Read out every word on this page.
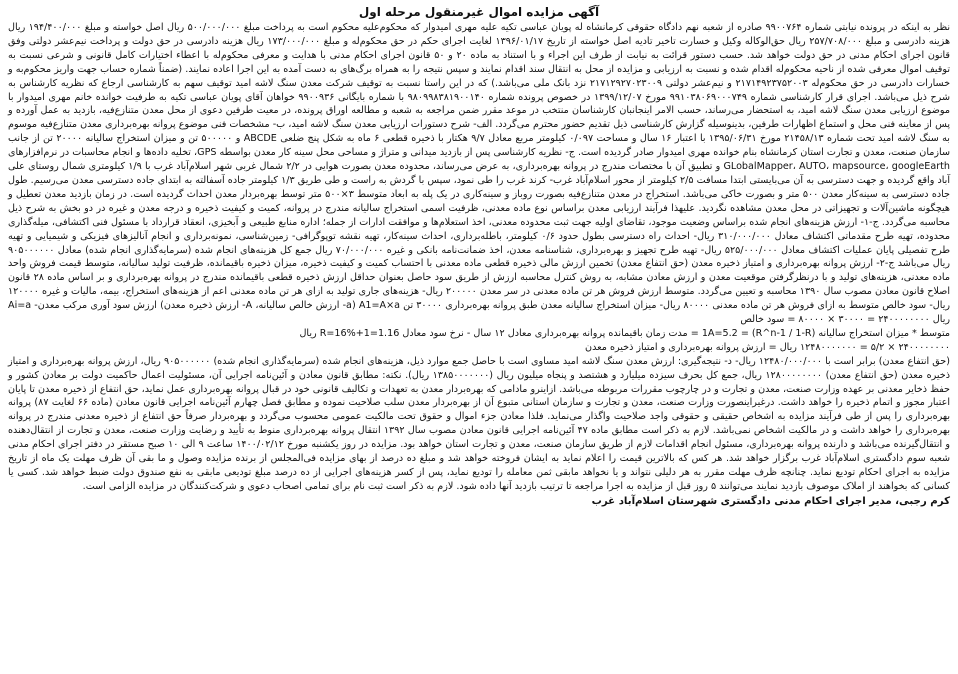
آگهی مزایده اموال غیرمنقول مرحله اول

نظر به اینکه در پرونده نیابتی شماره ۹۹۰۰۷۶۴ صادره از شعبه نهم دادگاه حقوقی کرمانشاه له پویان عباسی تکیه علیه مهری امیدوار که محکوم‌علیه محکوم است به پرداخت مبلغ ۵۰۰/۰۰۰/۰۰۰ ریال اصل خواسته و مبلغ ۱۹۴/۴۰۰/۰۰۰ ریال هزینه دادرسی و مبلغ ۲۵۷/۷۰۸/۰۰۰ ریال حق‌الوکاله وکیل و خسارت تاخیر تادیه اصل خواسته از تاریخ ۱۳۹۶/۰۱/۱۷ لغایت اجرای حکم در حق محکوم‌له و مبلغ ۱۷۳/۰۰۰/۰۰۰ ریال هزینه دادرسی در حق دولت و پرداخت نیم‌عشر دولتی وفق قانون اجرای احکام مدنی در حق دولت خواهد شد. حسب دستور قرائت به نیابت از طرف این اجراء و با استناد به ماده ۲۰ و ۵۰ قانون اجرای احکام مدنی با هدایت و معرفی محکوم‌له با اعطاء اختیارات کامل قانونی و شرعی نسبت به توقیف اموال معرفی شده از ناحیه محکوم‌له اقدام شده و نسبت به ارزیابی و مزایده از محل به انتقال سند اقدام نمایند و سپس نتیجه را به همراه برگ‌های به دست آمده به این اجرا اعاده نمایند. (ضمناً شماره حساب جهت واریز محکوم‌به و خسارات دادرسی در حق محکوم‌له ۲۱۷۱۴۹۲۳۷۵۲۰۰۳ و نیم‌عشر دولتی ۲۱۷۱۲۹۲۷۰۲۳۰۰۹ نزد بانک ملی می‌باشد.) که در این راستا نسبت به توقیف شرکت معدن سنگ لاشه امید توقیف سهم به کارشناسی ارجاع که نظریه کارشناس به شرح ذیل می‌باشد. اجرای قرار کارشناسی شماره ۹۹۱۰۳۸۰۶۹۰۰۰۷۴۹ مورخ ۱۳۹۹/۱۲/۰۷ در خصوص پرونده شماره ۹۸۰۹۹۸۳۸۱۹۰۰۱۴۰ با شماره بایگانی ۹۹۰۰۹۳۶ خواهان آقای پویان عباسی تکیه به طرفیت خوانده خانم مهری امیدوار با موضوع ارزیابی معدن سنگ لاشه امید، به استحضار می‌رساند، حسب الامر اینجانبان کارشناسان منتخب در موعد مقرر ضمن مراجعه به شعبه و مطالعه اوراق پرونده، در معیت طرفین دعوی از محل معدن متنازع‌فیه، بازدید به عمل آورده و پس از معاینه فنی محل و استماع اظهارات طرفین، بدینوسیله گزارش کارشناسی ذیل تقدیم حضور محترم می‌گردد. الف- شرح دستورات ارزیابی معدن سنگ لاشه امید، ب- مشخصات فنی موضوع پروانه بهره‌برداری معدن متنازع‌فیه موسوم به سنگ لاشه امید تحت شماره ۲۱۴۵۸/۱۳ مورخ ۱۳۹۵/۰۶/۳۱ با اعتبار ۱۶ سال و مساحت ۰/۰۹۷ کیلومتر مربع معادل ۹/۷ هکتار با ذخیره قطعی ۶ ماه به شکل پنج ضلعی ABCDE و ۵۰۰۰۰۰ تن و میزان استخراج سالیانه ۲۰۰۰۰ تن از جانب سازمان صنعت، معدن و تجارت استان کرمانشاه بنام خوانده مهری امیدوار صادر گردیده است. ج- نظریه کارشناسی پس از بازدید میدانی و متراژ و مساحی محل سینه کار معدن بواسطه GPS، تخلیه داده‌ها و انجام محاسبات در نرم‌افزارهای GLobalMapper، AUTO، mapsource، googleEarth و تطبیق آن با مختصات مندرج در پروانه بهره‌برداری، به عرض می‌رساند، محدوده معدن بصورت هوایی در ۲/۲ شمال غربی شهر اسلام‌آباد غرب با ۱/۹ کیلومتری شمال روستای علی آباد واقع گردیده و جهت دسترسی به آن می‌بایستی ابتدا مسافت ۲/۵ کیلومتر از محور اسلام‌آباد غرب- کرند غرب را طی نمود، سپس با گردش به راست و طی طریق ۱/۳ کیلومتر جاده آسفالته به ابتدای جاده دسترسی معدن می‌رسیم. طول جاده دسترسی به سینه‌کار معدن ۵۰۰ متر و بصورت خاکی می‌باشد. استخراج در معدن متنازع‌فیه بصورت روباز و سینه‌کاری در یک پله به ابعاد متوسط ۳×۵۰۰ متر توسط بهره‌بردار معدن احداث گردیده است. در زمان بازدید معدن تعطیل و هیچگونه ماشین‌آلات و تجهیزاتی در محل معدن مشاهده نگردید. علیهذا فرآیند ارزیابی معدن براساس نوع ماده معدنی، ظرفیت اسمی استخراج سالیانه مندرج در پروانه، کمیت و کیفیت ذخیره و درجه معدن و غیره در دو بخش به شرح ذیل محاسبه می‌گردد. ج-۱- ارزش هزینه‌های انجام شده براساس وضعیت موجود، تقاضای اولیه جهت ثبت محدوده معدنی، اخذ استعلام‌ها و موافقت ادارات از جمله؛ اداره منابع طبیعی و آبخیزی، انعقاد قرارداد با مسئول فنی اکتشافی، میله‌گذاری محدوده، تهیه طرح مقدماتی اکتشاف معادل ۳۱۰/۰۰۰/۰۰۰ ریال- احداث راه دسترسی بطول حدود ۰/۶ کیلومتر، باطله‌برداری، احداث سینه‌کار، تهیه نقشه توپوگرافی- زمین‌شناسی، نمونه‌برداری و انجام آنالیزهای فیزیکی و شیمیایی و تهیه طرح تفصیلی پایان عملیات اکتشاف معادل ۵۲۵/۰۰۰/۰۰۰ ریال- تهیه طرح تجهیز و بهره‌برداری، شناسنامه معدن، اخذ ضمانت‌نامه بانکی و غیره ۷۰/۰۰۰/۰۰۰ ریال جمع کل هزینه‌های انجام شده (سرمایه‌گذاری انجام شده) معادل ۹۰۵۰۰۰۰۰۰ ریال می‌باشد ج-۲- ارزش پروانه بهره‌برداری و امتیاز ذخیره معدن (حق انتفاع معدن) تخمین ارزش مالی ذخیره قطعی ماده معدنی با احتساب کمیت و کیفیت ذخیره، میزان ذخیره باقیمانده، ظرفیت تولید سالیانه، متوسط قیمت فروش واحد ماده معدنی، هزینه‌های تولید و با درنظرگرفتن موقعیت معدن و ارزش معادن مشابه، به روش کنترل محاسبه ارزش از طریق سود حاصل بعنوان حداقل ارزش ذخیره قطعی باقیمانده مندرج در پروانه بهره‌برداری و بر اساس ماده ۲۸ قانون اصلاح قانون معادن مصوب سال ۱۳۹۰ محاسبه و تعیین می‌گردد. متوسط ارزش فروش هر تن ماده معدنی در سر معدن ۲۰۰۰۰۰ ریال- هزینه‌های جاری تولید به ازای هر تن ماده معدنی اعم از هزینه‌های استخراج، بیمه، مالیات و غیره ۱۲۰۰۰۰ ریال- سود خالص متوسط به ازای فروش هر تن ماده معدنی ۸۰۰۰۰ ریال- میزان استخراج سالیانه معدن طبق پروانه بهره‌برداری ۳۰۰۰۰ تن A1=A×a (a- ارزش خالص سالیانه، A- ارزش ذخیره معدن) ارزش سود آوری مرکب معدن- Ai=a ریال ۲۴۰۰۰۰۰۰۰۰ = ۳۰۰۰۰ × ۸۰۰۰۰ = سود خالص

متوسط * میزان استخراج سالیانه 1A=5.2 = (R^n-1 / 1-R) = مدت زمان باقیمانده پروانه بهره‌برداری معادل ۱۲ سال - نرخ سود معادل 1.16=1+R=16% ریال
۲۴۰۰۰۰۰۰۰۰ × ۵/۲ = ۱۲۴۸۰۰۰۰۰۰۰ ریال = ارزش پروانه بهره‌برداری و امتیاز ذخیره معدن

(حق انتفاع معدن) برابر است با ۱۲۴۸۰/۰۰۰/۰۰۰ ریال- د- نتیجه‌گیری: ارزش معدن سنگ لاشه امید مساوی است با حاصل جمع موارد ذیل، هزینه‌های انجام شده (سرمایه‌گذاری انجام شده) ۹۰۵۰۰۰۰۰۰ ریال، ارزش پروانه بهره‌برداری و امتیاز ذخیره معدن (حق انتفاع معدن) ۱۲۸۰۰۰۰۰۰۰۰ ریال، جمع کل بحرف سیزده میلیارد و هشتصد و پنجاه میلیون ریال (۱۳۸۵۰۰۰۰۰۰۰ ریال). نکته: مطابق قانون معادن و آئین‌نامه اجرایی آن، مسئولیت اعمال حاکمیت دولت بر معادن کشور و حفظ ذخایر معدنی بر عهده وزارت صنعت، معدن و تجارت و در چارچوب مقررات مربوطه می‌باشد. ازاینرو مادامی که بهره‌بردار معدن به تعهدات و تکالیف قانونی خود در قبال پروانه بهره‌برداری عمل نماید، حق انتفاع از ذخیره معدن تا پایان اعتبار مجوز و اتمام ذخیره را خواهد داشت. درغیراینصورت وزارت صنعت، معدن و تجارت و سازمان استانی متبوع آن از بهره‌بردار معدن سلب صلاحیت نموده و مطابق فصل چهارم آئین‌نامه اجرایی قانون معادن (ماده ۶۶ لغایت ۸۷) پروانه بهره‌برداری را پس از طی فرآیند مزایده به اشخاص حقیقی و حقوقی واجد صلاحیت واگذار می‌نماید. فلذا معادن جزء اموال و حقوق تحت مالکیت عمومی محسوب می‌گردد و بهره‌بردار صرفاً حق انتفاع از ذخیره معدنی مندرج در پروانه بهره‌برداری را خواهد داشت و در مالکیت اشخاص نمی‌باشد. لازم به ذکر است مطابق ماده ۴۷ آئین‌نامه اجرایی قانون معادن مصوب سال ۱۳۹۲ انتقال پروانه بهره‌برداری منوط به تأیید و رضایت وزارت صنعت، معدن و تجارت از انتقال‌دهنده و انتقال‌گیرنده می‌باشد و دارنده پروانه بهره‌برداری، مسئول انجام اقدامات لازم از طریق سازمان صنعت، معدن و تجارت استان خواهد بود. مزایده در روز یکشنبه مورخ ۱۴۰۰/۰۲/۱۲ ساعت ۹ الی ۱۰ صبح مستقر در دفتر اجرای احکام مدنی شعبه سوم دادگستری اسلام‌آباد غرب برگزار خواهد شد. هر کس که بالاترین قیمت را اعلام نماید به ایشان فروخته خواهد شد و مبلغ ده درصد از بهای مزایده فی‌المجلس از برنده مزایده وصول و ما بقی آن ظرف مهلت یک ماه از تاریخ مزایده به اجرای احکام تودیع نماید. چنانچه ظرف مهلت مقرر به هر دلیلی نتواند و یا نخواهد مابقی ثمن معامله را تودیع نماید، پس از کسر هزینه‌های اجرایی از ده درصد مبلغ تودیعی مابقی به نفع صندوق دولت ضبط خواهد شد. کسی یا کسانی که بخواهند از املاک موصوف بازدید نمایند می‌توانند ۵ روز قبل از مزایده به اجرا مراجعه تا ترتیب بازدید آنها داده شود. لازم به ذکر است ثبت نام برای تمامی اصحاب دعوی و شرکت‌کنندگان در مزایده الزامی است.

کرم رجبی، مدیر اجرای احکام مدنی دادگستری شهرستان اسلام‌آباد غرب
